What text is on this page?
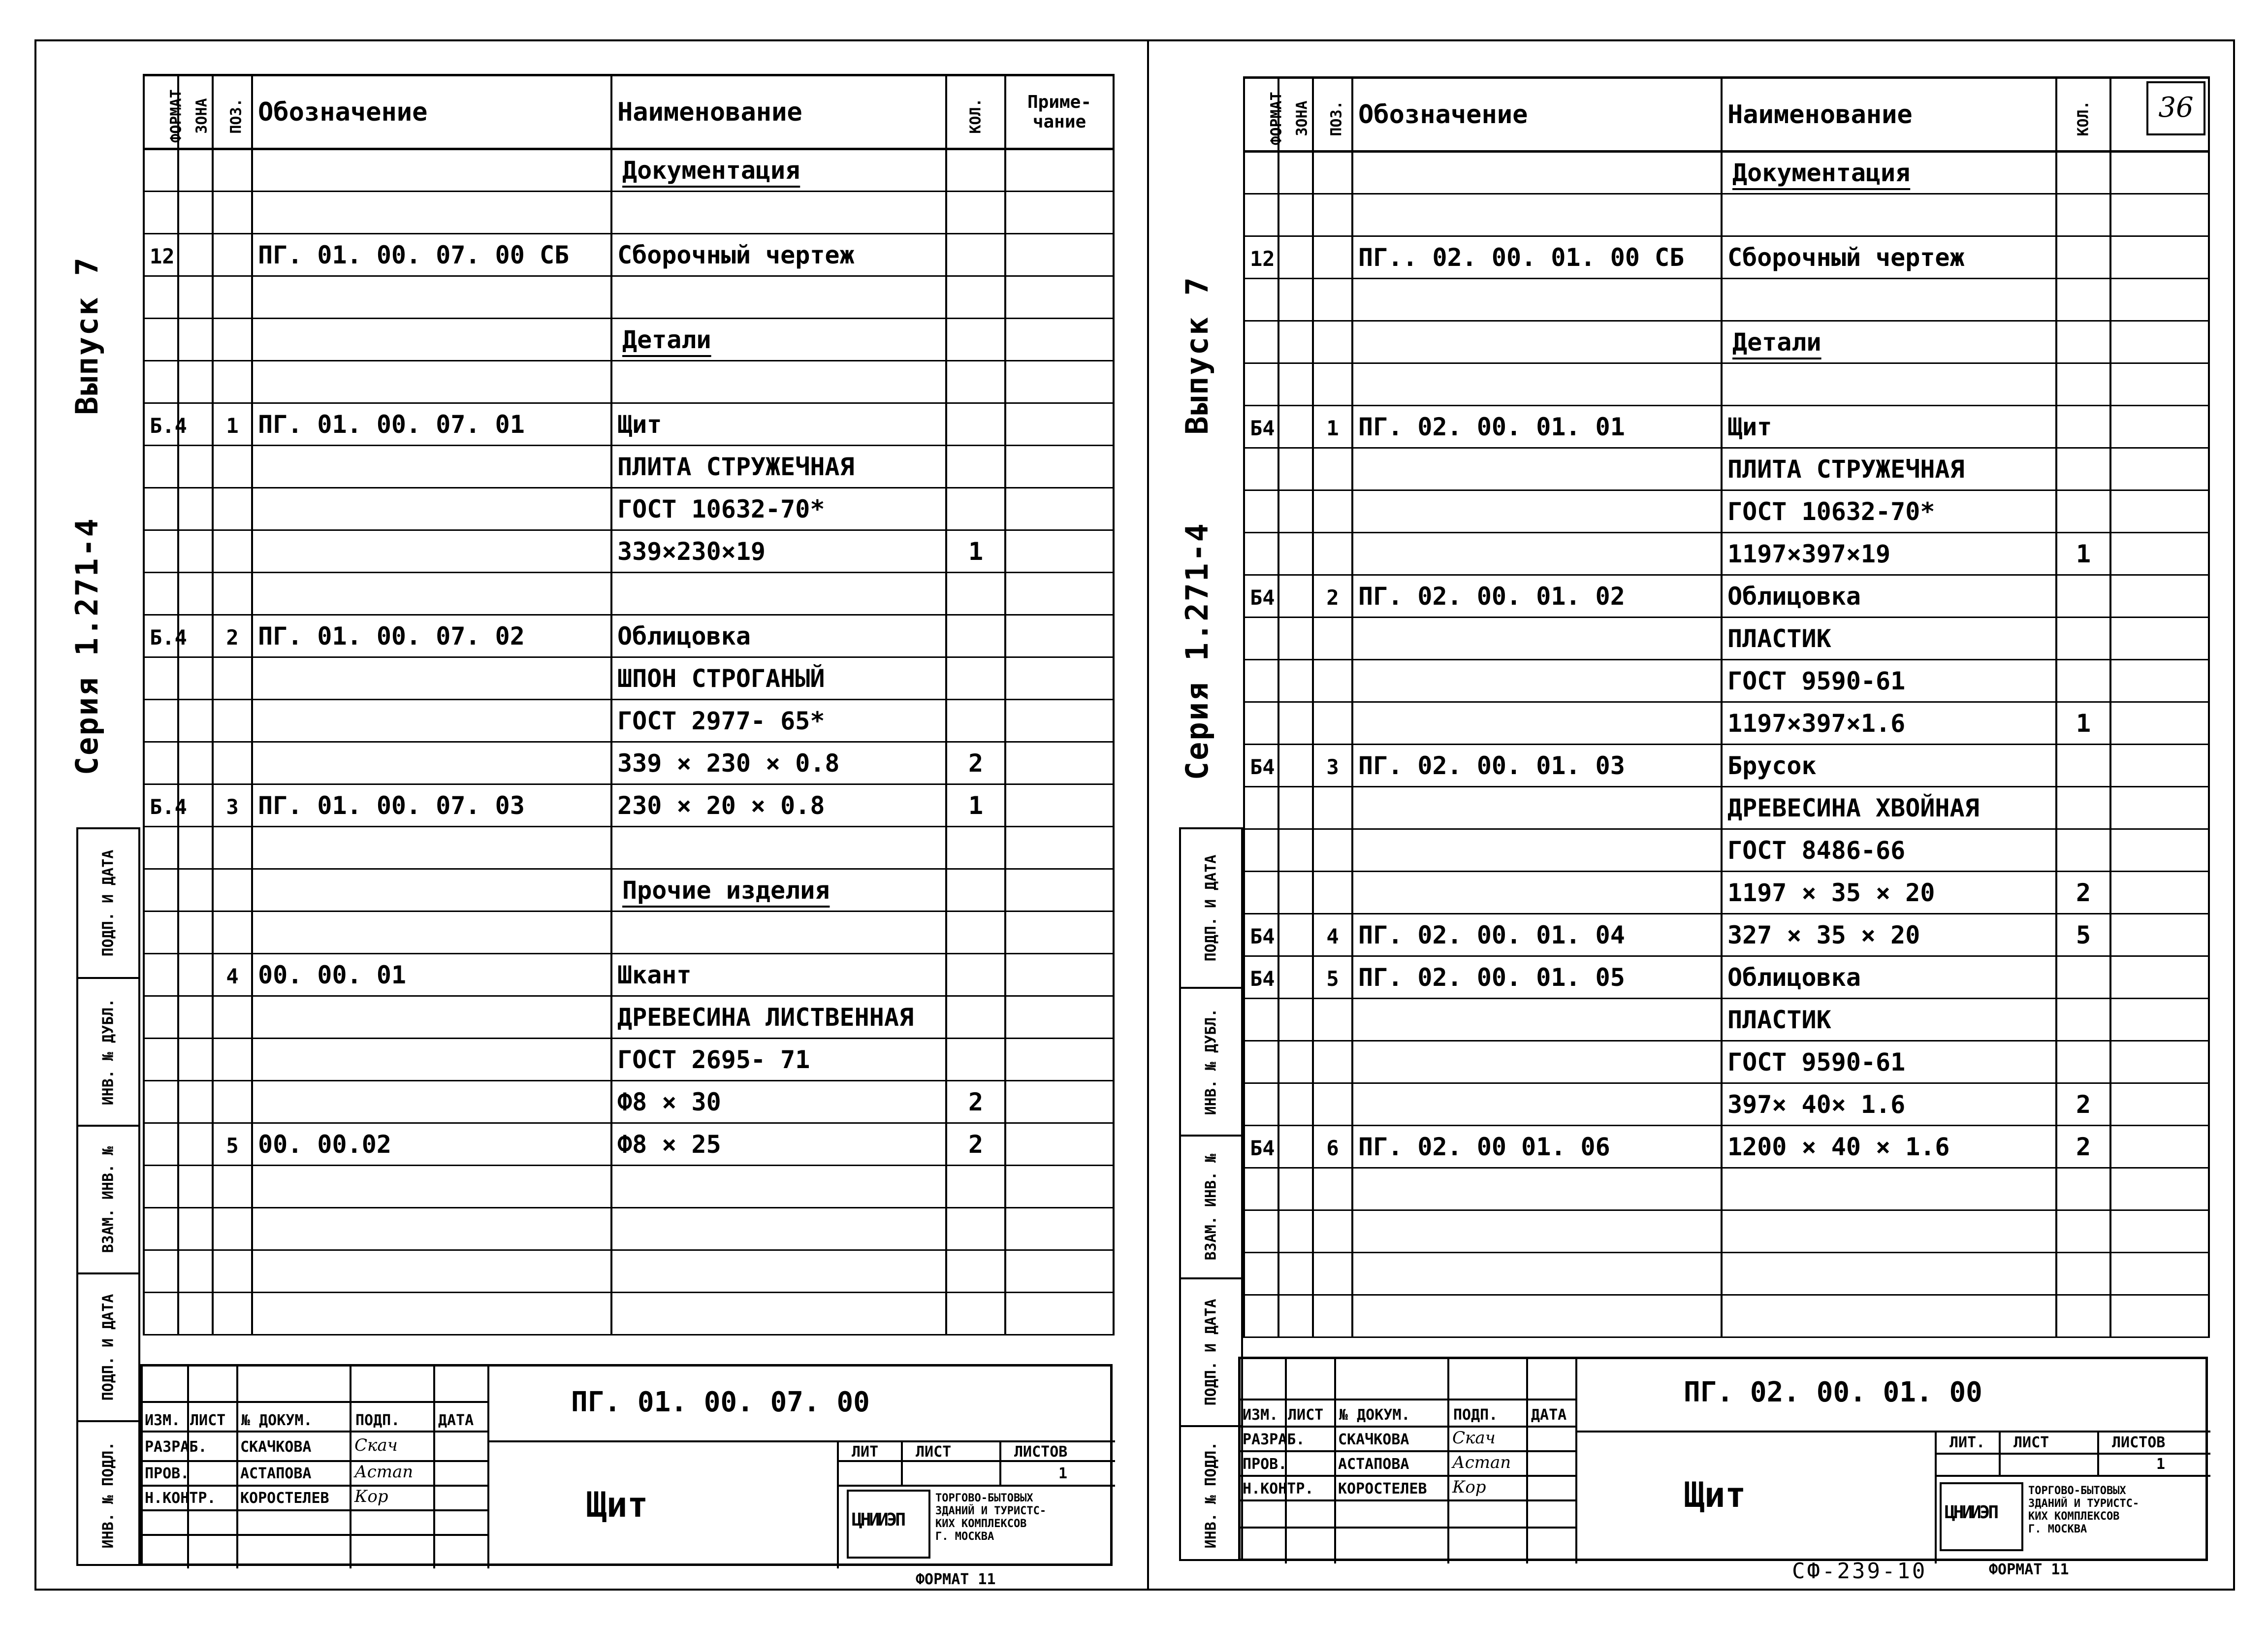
Серия 1.271-4
Выпуск 7
ПОДП. И ДАТА
ИНВ. № ДУБЛ.
ВЗАМ. ИНВ. №
ПОДП. И ДАТА
ИНВ. № ПОДЛ.
ФОРМАТ	ЗОНА	ПОЗ.	Обозначение	Наименование	КОЛ.	Приме- чание
				Документация		

12			ПГ. 01. 00. 07. 00 СБ	Сборочный чертеж		

				Детали		

Б.4		1	ПГ. 01. 00. 07. 01	Щит		
				ПЛИТА СТРУЖЕЧНАЯ		
				ГОСТ 10632-70*		
				339×230×19	1	

Б.4		2	ПГ. 01. 00. 07. 02	Облицовка		
				ШПОН СТРОГАНЫЙ		
				ГОСТ 2977- 65*		
				339 × 230 × 0.8	2	
Б.4		3	ПГ. 01. 00. 07. 03	230 × 20 × 0.8	1	

				Прочие изделия		

		4	00. 00. 01	Шкант		
				ДРЕВЕСИНА ЛИСТВЕННАЯ		
				ГОСТ 2695- 71		
				Ф8 × 30	2	
		5	00. 00.02	Ф8 × 25	2	

ИЗМ. ЛИСТ № ДОКУМ.	ПОДП.	ДАТА
РАЗРАБ. СКАЧКОВА	Скач
ПРОВ.	АСТАПОВА	Астап
Н.КОНТР. КОРОСТЕЛЕВ Кор
ПГ. 01. 00. 07. 00
Щит
ЛИТ	ЛИСТ	ЛИСТОВ
1
ЦНИИЭП
ТОРГОВО-БЫТОВЫХ
ЗДАНИЙ И ТУРИСТС-
КИХ КОМПЛЕКСОВ
Г. МОСКВА
ФОРМАТ 11
Серия 1.271-4
Выпуск 7
ПОДП. И ДАТА
ИНВ. № ДУБЛ.
ВЗАМ. ИНВ. №
ПОДП. И ДАТА
ИНВ. № ПОДЛ.
ФОРМАТ	ЗОНА	ПОЗ.	Обозначение	Наименование	КОЛ.	
				Документация		

12			ПГ.. 02. 00. 01. 00 СБ	Сборочный чертеж		

				Детали		

Б4		1	ПГ. 02. 00. 01. 01	Щит		
				ПЛИТА СТРУЖЕЧНАЯ		
				ГОСТ 10632-70*		
				1197×397×19	1	
Б4		2	ПГ. 02. 00. 01. 02	Облицовка		
				ПЛАСТИК		
				ГОСТ 9590-61		
				1197×397×1.6	1	
Б4		3	ПГ. 02. 00. 01. 03	Брусок		
				ДРЕВЕСИНА ХВОЙНАЯ		
				ГОСТ 8486-66		
				1197 × 35 × 20	2	
Б4		4	ПГ. 02. 00. 01. 04	327 × 35 × 20	5	
Б4		5	ПГ. 02. 00. 01. 05	Облицовка		
				ПЛАСТИК		
				ГОСТ 9590-61		
				397× 40× 1.6	2	
Б4		6	ПГ. 02. 00 01. 06	1200 × 40 × 1.6	2	

36
ИЗМ. ЛИСТ № ДОКУМ.	ПОДП. ДАТА
РАЗРАБ. СКАЧКОВА	Скач
ПРОВ.	АСТАПОВА	Астап
Н.КОНТР. КОРОСТЕЛЕВ Кор
ПГ. 02. 00. 01. 00
Щит
ЛИТ. ЛИСТ	ЛИСТОВ
1
ЦНИИЭП
ТОРГОВО-БЫТОВЫХ
ЗДАНИЙ И ТУРИСТС-
КИХ КОМПЛЕКСОВ
Г. МОСКВА
СФ-239-10	ФОРМАТ 11
